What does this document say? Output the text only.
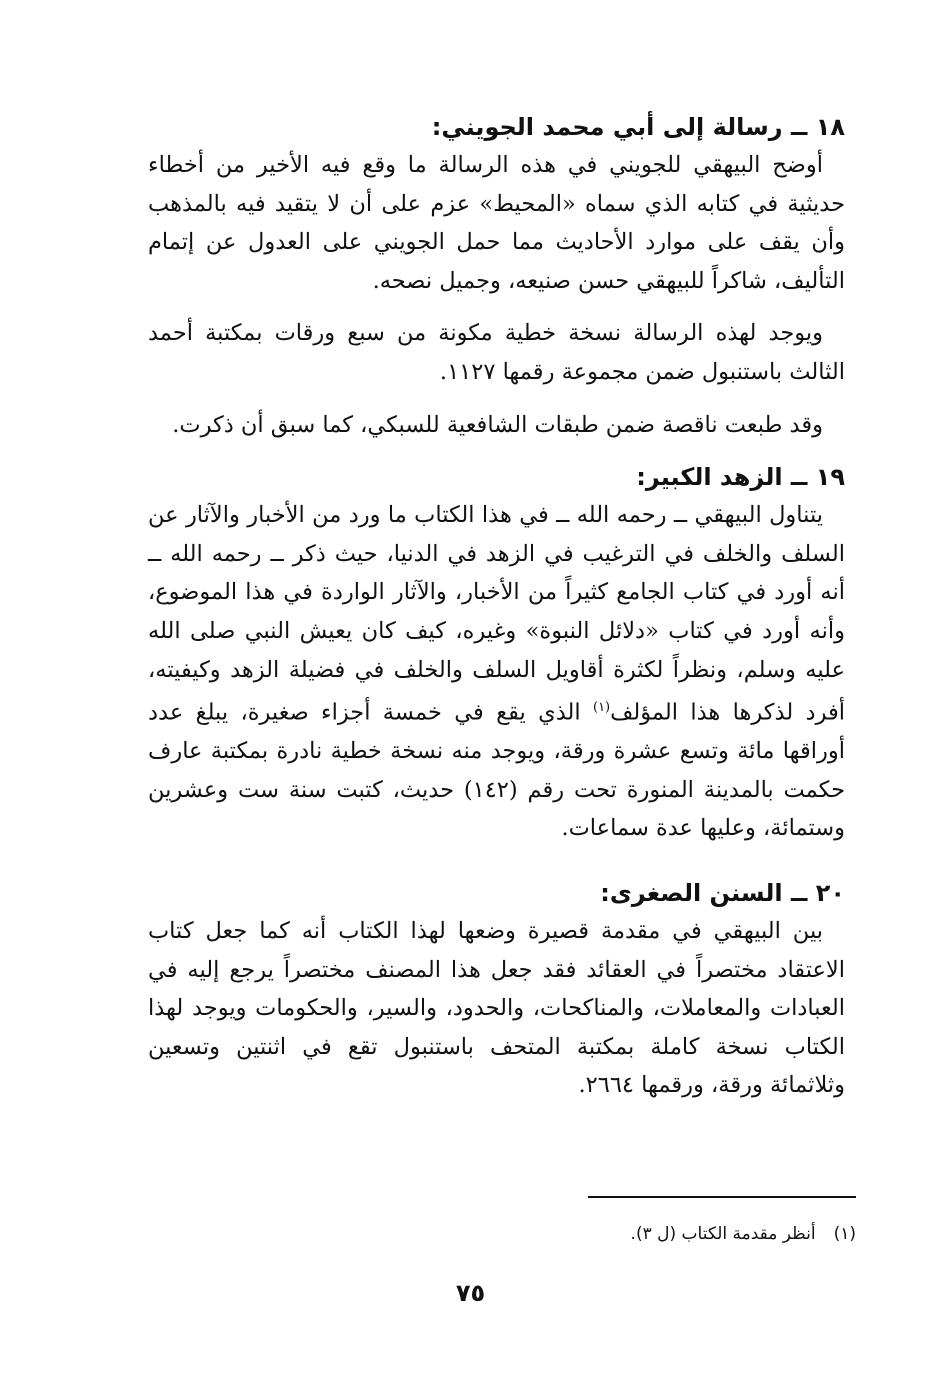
١٨ ــ رسالة إلى أبي محمد الجويني:

أوضح البيهقي للجويني في هذه الرسالة ما وقع فيه الأخير من أخطاء حديثية في كتابه الذي سماه «المحيط» عزم على أن لا يتقيد فيه بالمذهب وأن يقف على موارد الأحاديث مما حمل الجويني على العدول عن إتمام التأليف، شاكراً للبيهقي حسن صنيعه، وجميل نصحه.

ويوجد لهذه الرسالة نسخة خطية مكونة من سبع ورقات بمكتبة أحمد الثالث باستنبول ضمن مجموعة رقمها ١١٢٧.

وقد طبعت ناقصة ضمن طبقات الشافعية للسبكي، كما سبق أن ذكرت.

١٩ ــ الزهد الكبير:

يتناول البيهقي ــ رحمه الله ــ في هذا الكتاب ما ورد من الأخبار والآثار عن السلف والخلف في الترغيب في الزهد في الدنيا، حيث ذكر ــ رحمه الله ــ أنه أورد في كتاب الجامع كثيراً من الأخبار، والآثار الواردة في هذا الموضوع، وأنه أورد في كتاب «دلائل النبوة» وغيره، كيف كان يعيش النبي صلى الله عليه وسلم، ونظراً لكثرة أقاويل السلف والخلف في فضيلة الزهد وكيفيته، أفرد لذكرها هذا المؤلف$^{(١)}$ الذي يقع في خمسة أجزاء صغيرة، يبلغ عدد أوراقها مائة وتسع عشرة ورقة، ويوجد منه نسخة خطية نادرة بمكتبة عارف حكمت بالمدينة المنورة تحت رقم (١٤٢) حديث، كتبت سنة ست وعشرين وستمائة، وعليها عدة سماعات.

٢٠ ــ السنن الصغرى:

بين البيهقي في مقدمة قصيرة وضعها لهذا الكتاب أنه كما جعل كتاب الاعتقاد مختصراً في العقائد فقد جعل هذا المصنف مختصراً يرجع إليه في العبادات والمعاملات، والمناكحات، والحدود، والسير، والحكومات ويوجد لهذا الكتاب نسخة كاملة بمكتبة المتحف باستنبول تقع في اثنتين وتسعين وثلاثمائة ورقة، ورقمها ٢٦٦٤.

(١)أنظر مقدمة الكتاب (ل ٣).
٧٥
